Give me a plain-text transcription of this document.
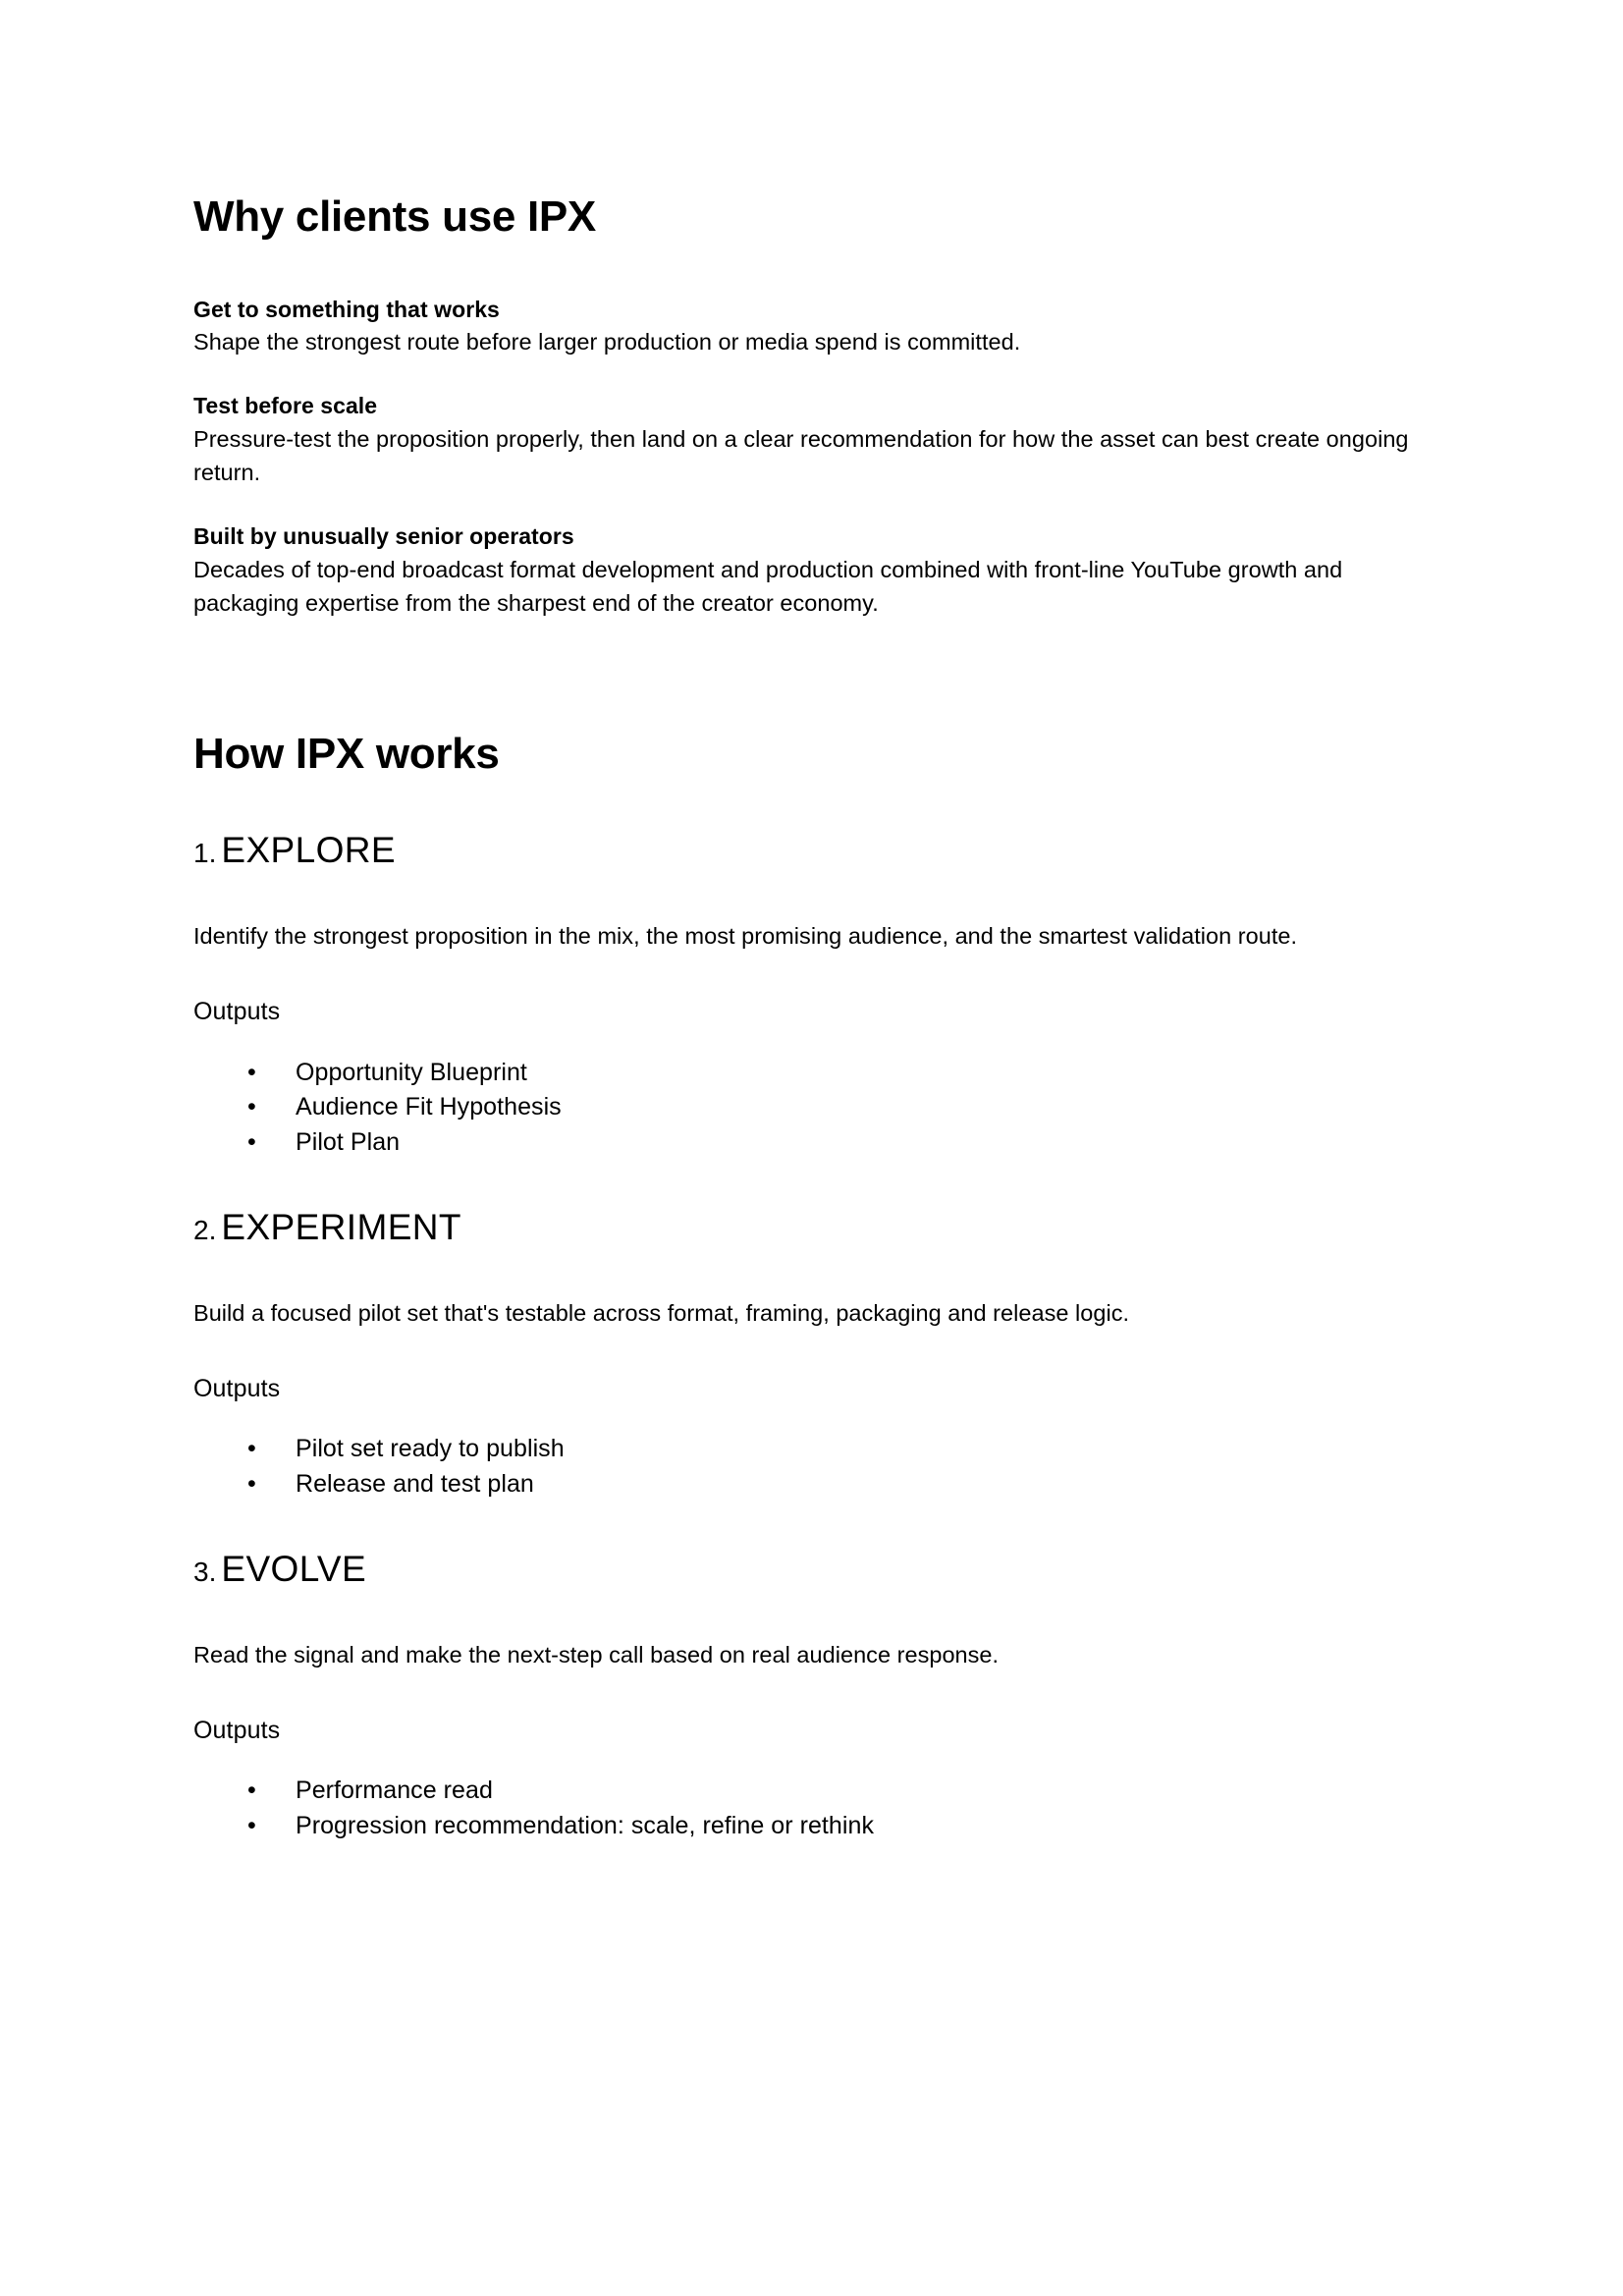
Why clients use IPX
Get to something that works
Shape the strongest route before larger production or media spend is committed.
Test before scale
Pressure-test the proposition properly, then land on a clear recommendation for how the asset can best create ongoing return.
Built by unusually senior operators
Decades of top-end broadcast format development and production combined with front-line YouTube growth and packaging expertise from the sharpest end of the creator economy.
How IPX works
1. EXPLORE
Identify the strongest proposition in the mix, the most promising audience, and the smartest validation route.
Outputs
• Opportunity Blueprint
• Audience Fit Hypothesis
• Pilot Plan
2. EXPERIMENT
Build a focused pilot set that's testable across format, framing, packaging and release logic.
Outputs
• Pilot set ready to publish
• Release and test plan
3. EVOLVE
Read the signal and make the next-step call based on real audience response.
Outputs
• Performance read
• Progression recommendation: scale, refine or rethink
